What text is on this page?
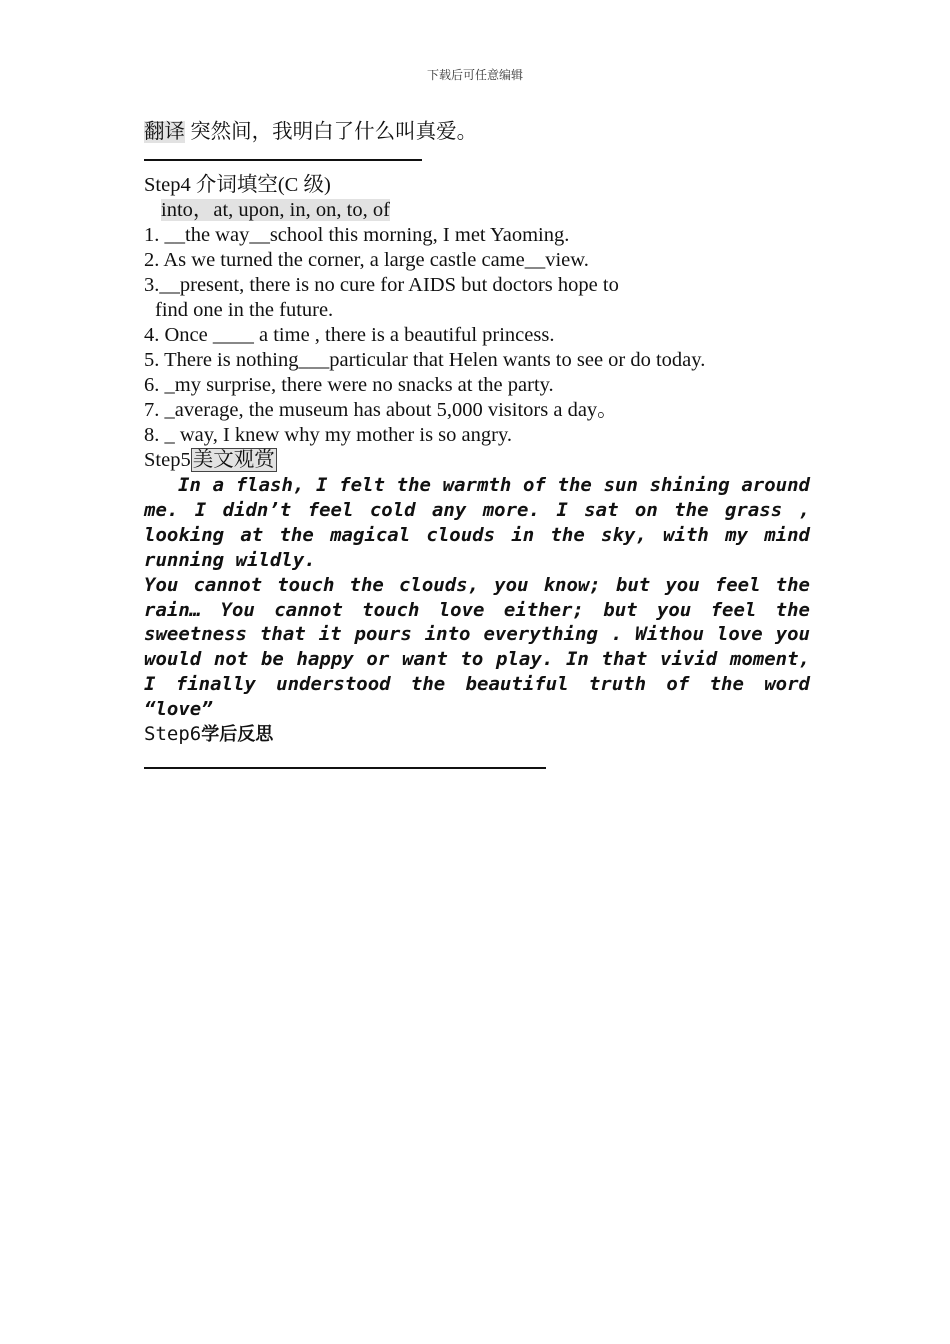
下载后可任意编辑
翻译 突然间，我明白了什么叫真爱。
Step4 介词填空(C 级)
into，at, upon, in, on, to, of
1. __the way__school this morning, I met Yaoming.
2. As we turned the corner, a large castle came__view.
3.__present, there is no cure for AIDS but doctors hope to
find one in the future.
4. Once ____ a time , there is a beautiful princess.
5. There is nothing___particular that Helen wants to see or do today.
6. _my surprise, there were no snacks at the party.
7. _average, the museum has about 5,000 visitors a day。
8. _ way, I knew why my mother is so angry.
Step5美文观赏

In a flash, I felt the warmth of the sun shining around me. I didn’t feel cold any more. I sat on the grass , looking at the magical clouds in the sky, with my mind running wildly.

You cannot touch the clouds, you know; but you feel the rain… You cannot touch love either; but you feel the sweetness that it pours into everything . Withou love you would not be happy or want to play. In that vivid moment, I finally understood the beautiful truth of the word “love”

Step6学后反思
